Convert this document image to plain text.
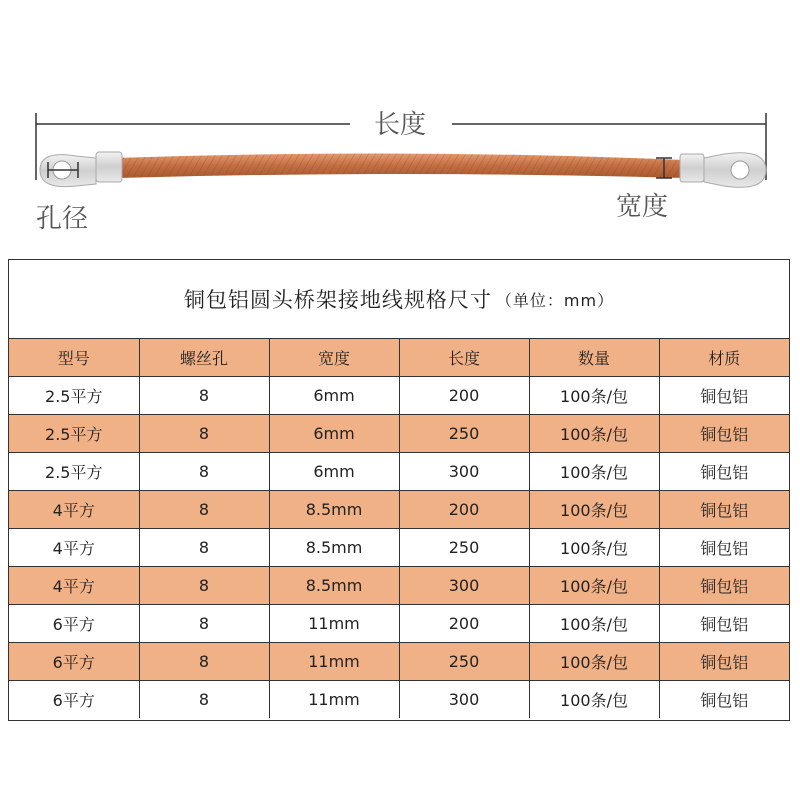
长度
孔径	宽度
铜包铝圆头桥架接地线规格尺寸 （单位：mm）
型号	螺丝孔	宽度	长度	数量	材质
2.5平方	8	6mm	200	100条/包	铜包铝
2.5平方	8	6mm	250	100条/包	铜包铝
2.5平方	8	6mm	300	100条/包	铜包铝
4平方	8	8.5mm	200	100条/包	铜包铝
4平方	8	8.5mm	250	100条/包	铜包铝
4平方	8	8.5mm	300	100条/包	铜包铝
6平方	8	11mm	200	100条/包	铜包铝
6平方	8	11mm	250	100条/包	铜包铝
6平方	8	11mm	300	100条/包	铜包铝
